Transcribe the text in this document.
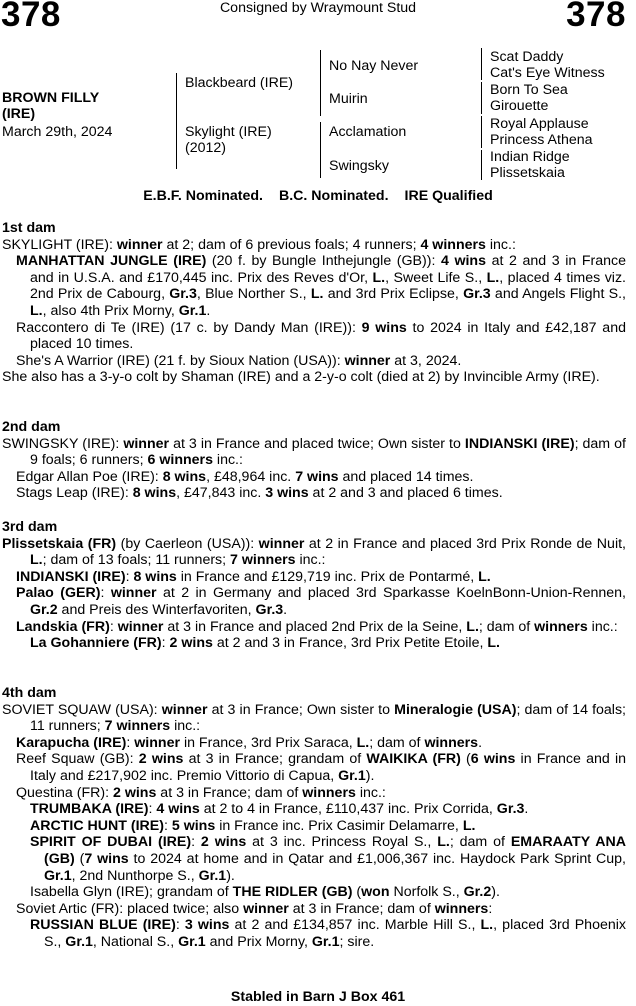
378	Consigned by Wraymount Stud	378
BROWN FILLY
(IRE)
March 29th, 2024
Blackbeard (IRE)
Skylight (IRE)
(2012)
No Nay Never
Muirin
Acclamation
Swingsky
Scat Daddy
Cat's Eye Witness
Born To Sea
Girouette
Royal Applause
Princess Athena
Indian Ridge
Plissetskaia
E.B.F. Nominated. B.C. Nominated. IRE Qualified
1st dam

SKYLIGHT (IRE): winner at 2; dam of 6 previous foals; 4 runners; 4 winners inc.:

MANHATTAN JUNGLE (IRE) (20 f. by Bungle Inthejungle (GB)): 4 wins at 2 and 3 in France and in U.S.A. and £170,445 inc. Prix des Reves d'Or, L., Sweet Life S., L., placed 4 times viz. 2nd Prix de Cabourg, Gr.3, Blue Norther S., L. and 3rd Prix Eclipse, Gr.3 and Angels Flight S., L., also 4th Prix Morny, Gr.1.

Raccontero di Te (IRE) (17 c. by Dandy Man (IRE)): 9 wins to 2024 in Italy and £42,187 and placed 10 times.

She's A Warrior (IRE) (21 f. by Sioux Nation (USA)): winner at 3, 2024.

She also has a 3-y-o colt by Shaman (IRE) and a 2-y-o colt (died at 2) by Invincible Army (IRE).

2nd dam

SWINGSKY (IRE): winner at 3 in France and placed twice; Own sister to INDIANSKI (IRE); dam of 9 foals; 6 runners; 6 winners inc.:

Edgar Allan Poe (IRE): 8 wins, £48,964 inc. 7 wins and placed 14 times.

Stags Leap (IRE): 8 wins, £47,843 inc. 3 wins at 2 and 3 and placed 6 times.

3rd dam

Plissetskaia (FR) (by Caerleon (USA)): winner at 2 in France and placed 3rd Prix Ronde de Nuit, L.; dam of 13 foals; 11 runners; 7 winners inc.:

INDIANSKI (IRE): 8 wins in France and £129,719 inc. Prix de Pontarmé, L.

Palao (GER): winner at 2 in Germany and placed 3rd Sparkasse KoelnBonn-Union-Rennen, Gr.2 and Preis des Winterfavoriten, Gr.3.

Landskia (FR): winner at 3 in France and placed 2nd Prix de la Seine, L.; dam of winners inc.:

La Gohanniere (FR): 2 wins at 2 and 3 in France, 3rd Prix Petite Etoile, L.

4th dam

SOVIET SQUAW (USA): winner at 3 in France; Own sister to Mineralogie (USA); dam of 14 foals; 11 runners; 7 winners inc.:

Karapucha (IRE): winner in France, 3rd Prix Saraca, L.; dam of winners.

Reef Squaw (GB): 2 wins at 3 in France; grandam of WAIKIKA (FR) (6 wins in France and in Italy and £217,902 inc. Premio Vittorio di Capua, Gr.1).

Questina (FR): 2 wins at 3 in France; dam of winners inc.:

TRUMBAKA (IRE): 4 wins at 2 to 4 in France, £110,437 inc. Prix Corrida, Gr.3.

ARCTIC HUNT (IRE): 5 wins in France inc. Prix Casimir Delamarre, L.

SPIRIT OF DUBAI (IRE): 2 wins at 3 inc. Princess Royal S., L.; dam of EMARAATY ANA (GB) (7 wins to 2024 at home and in Qatar and £1,006,367 inc. Haydock Park Sprint Cup, Gr.1, 2nd Nunthorpe S., Gr.1).

Isabella Glyn (IRE); grandam of THE RIDLER (GB) (won Norfolk S., Gr.2).

Soviet Artic (FR): placed twice; also winner at 3 in France; dam of winners:

RUSSIAN BLUE (IRE): 3 wins at 2 and £134,857 inc. Marble Hill S., L., placed 3rd Phoenix S., Gr.1, National S., Gr.1 and Prix Morny, Gr.1; sire.

Stabled in Barn J Box 461
